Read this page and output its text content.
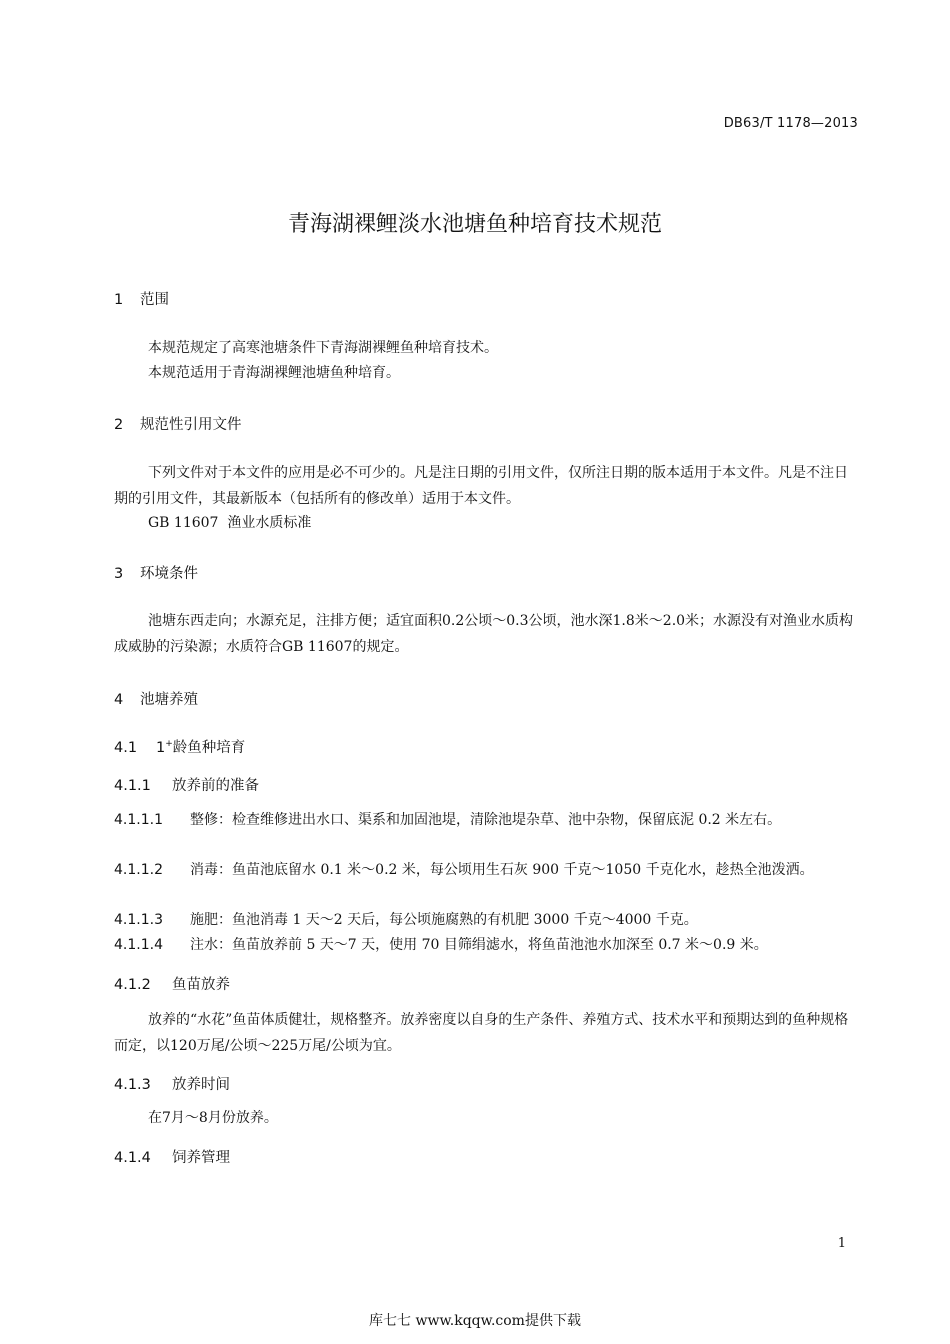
DB63/T 1178—2013
青海湖裸鲤淡水池塘鱼种培育技术规范
1 范围
本规范规定了高寒池塘条件下青海湖裸鲤鱼种培育技术。
本规范适用于青海湖裸鲤池塘鱼种培育。
2 规范性引用文件

下列文件对于本文件的应用是必不可少的。凡是注日期的引用文件，仅所注日期的版本适用于本文件。凡是不注日期的引用文件，其最新版本（包括所有的修改单）适用于本文件。

GB 11607  渔业水质标准
3 环境条件

池塘东西走向；水源充足，注排方便；适宜面积0.2公顷～0.3公顷，池水深1.8米～2.0米；水源没有对渔业水质构成威胁的污染源；水质符合GB 11607的规定。

4 池塘养殖
4.1 1+龄鱼种培育
4.1.1 放养前的准备
4.1.1.1 整修：检查维修进出水口、渠系和加固池堤，清除池堤杂草、池中杂物，保留底泥 0.2 米左右。
4.1.1.2 消毒：鱼苗池底留水 0.1 米～0.2 米，每公顷用生石灰 900 千克～1050 千克化水，趁热全池泼洒。
4.1.1.3 施肥：鱼池消毒 1 天～2 天后，每公顷施腐熟的有机肥 3000 千克～4000 千克。
4.1.1.4 注水：鱼苗放养前 5 天～7 天，使用 70 目筛绢滤水，将鱼苗池池水加深至 0.7 米～0.9 米。
4.1.2 鱼苗放养

放养的“水花”鱼苗体质健壮，规格整齐。放养密度以自身的生产条件、养殖方式、技术水平和预期达到的鱼种规格而定，以120万尾/公顷～225万尾/公顷为宜。

4.1.3 放养时间
在7月～8月份放养。
4.1.4 饲养管理
1
库七七 www.kqqw.com提供下载
